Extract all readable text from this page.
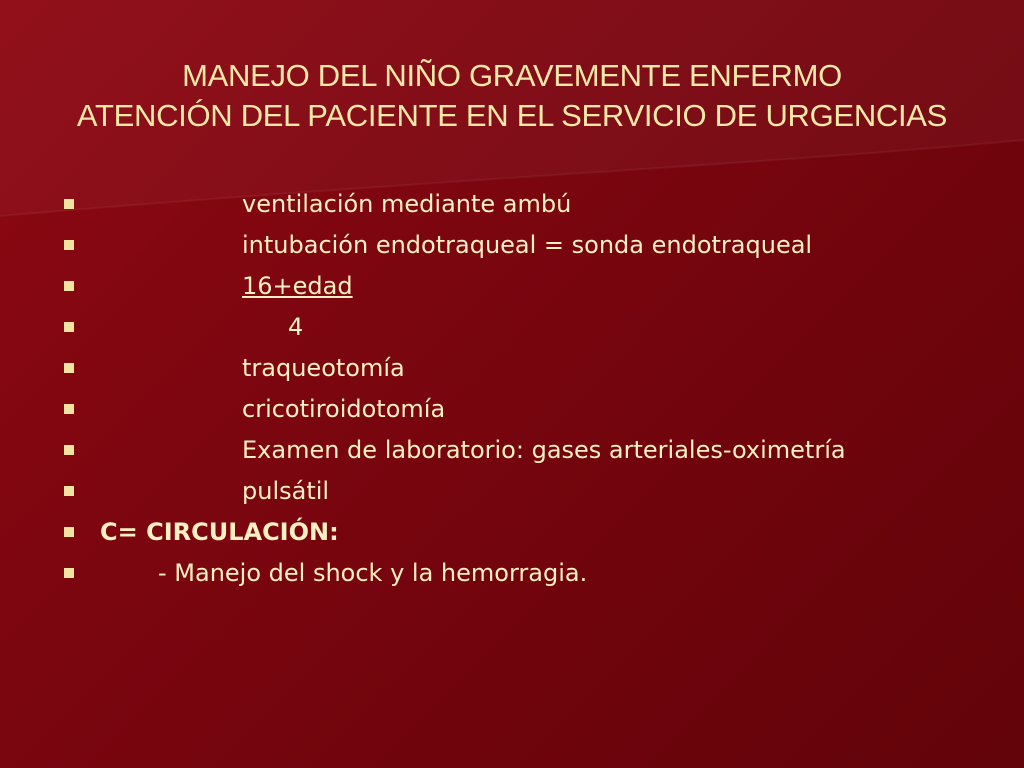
MANEJO DEL NIÑO GRAVEMENTE ENFERMO
ATENCIÓN DEL PACIENTE EN EL SERVICIO DE URGENCIAS
ventilación mediante ambú
intubación endotraqueal = sonda endotraqueal
16+edad
4
traqueotomía
cricotiroidotomía
Examen de laboratorio: gases arteriales-oximetría
pulsátil
C= CIRCULACIÓN:
- Manejo del shock y la hemorragia.
